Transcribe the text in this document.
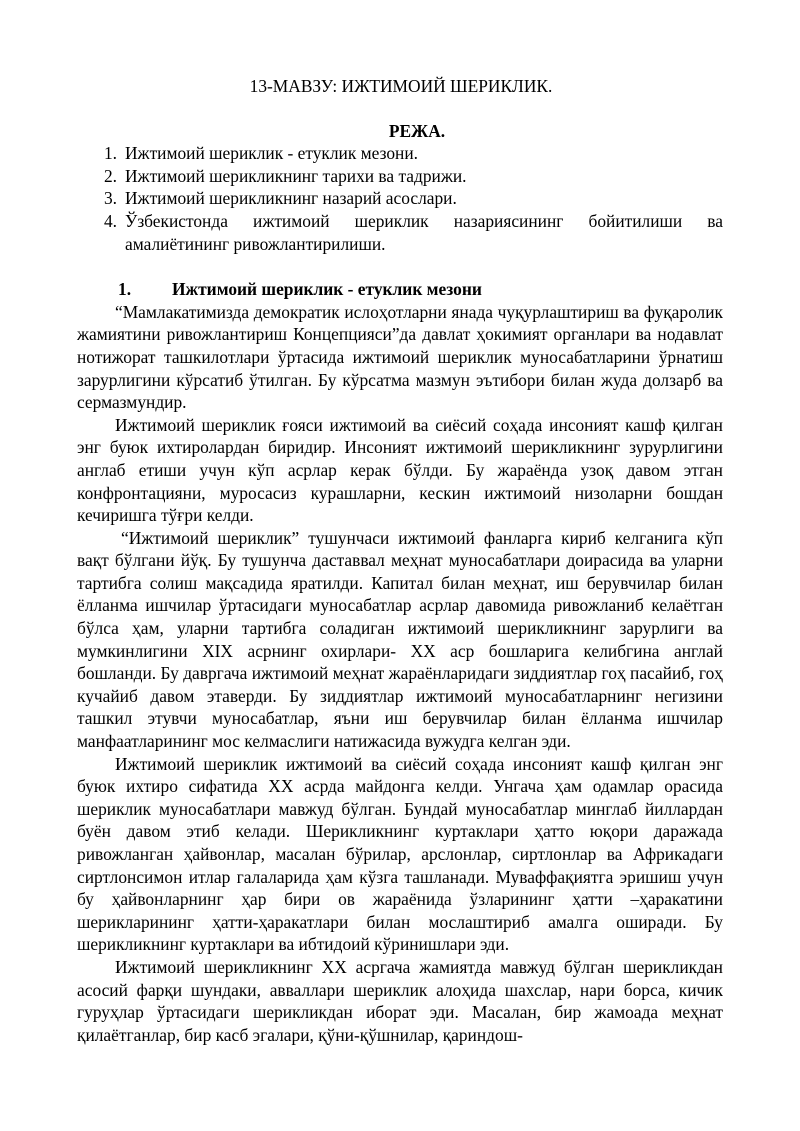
13-МАВЗУ: ИЖТИМОИЙ ШЕРИКЛИК.
РЕЖА.
1. Ижтимоий шериклик - етуклик мезони.
2. Ижтимоий шерикликнинг тарихи ва тадрижи.
3. Ижтимоий шерикликнинг назарий асослари.
4. Ўзбекистонда ижтимоий шериклик назариясининг бойитилиши ва амалиётининг ривожлантирилиши.
1.	Ижтимоий шериклик - етуклик мезони

“Мамлакатимизда демократик ислоҳотларни янада чуқурлаштириш ва фуқаролик жамиятини ривожлантириш Концепцияси”да давлат ҳокимият органлари ва нодавлат нотижорат ташкилотлари ўртасида ижтимоий шериклик муносабатларини ўрнатиш зарурлигини кўрсатиб ўтилган. Бу кўрсатма мазмун эътибори билан жуда долзарб ва сермазмундир.

Ижтимоий шериклик ғояси ижтимоий ва сиёсий соҳада инсоният кашф қилган энг буюк ихтиролардан биридир. Инсоният ижтимоий шерикликнинг зурурлигини англаб етиши учун кўп асрлар керак бўлди. Бу жараёнда узоқ давом этган конфронтацияни, муросасиз курашларни, кескин ижтимоий низоларни бошдан кечиришга тўғри келди.

“Ижтимоий шериклик” тушунчаси ижтимоий фанларга кириб келганига кўп вақт бўлгани йўқ. Бу тушунча даставвал меҳнат муносабатлари доирасида ва уларни тартибга солиш мақсадида яратилди. Капитал билан меҳнат, иш берувчилар билан ёлланма ишчилар ўртасидаги муносабатлар асрлар давомида ривожланиб келаётган бўлса ҳам, уларни тартибга соладиган ижтимоий шерикликнинг зарурлиги ва мумкинлигини XIX асрнинг охирлари- XX аср бошларига келибгина англай бошланди. Бу давргача ижтимоий меҳнат жараёнларидаги зиддиятлар гоҳ пасайиб, гоҳ кучайиб давом этаверди. Бу зиддиятлар ижтимоий муносабатларнинг негизини ташкил этувчи муносабатлар, яъни иш берувчилар билан ёлланма ишчилар манфаатларининг мос келмаслиги натижасида вужудга келган эди.

Ижтимоий шериклик ижтимоий ва сиёсий соҳада инсоният кашф қилган энг буюк ихтиро сифатида XX асрда майдонга келди. Унгача ҳам одамлар орасида шериклик муносабатлари мавжуд бўлган. Бундай муносабатлар минглаб йиллардан буён давом этиб келади. Шерикликнинг куртаклари ҳатто юқори даражада ривожланган ҳайвонлар, масалан бўрилар, арслонлар, сиртлонлар ва Африкадаги сиртлонсимон итлар галаларида ҳам кўзга ташланади. Муваффақиятга эришиш учун бу ҳайвонларнинг ҳар бири ов жараёнида ўзларининг ҳатти –ҳаракатини шерикларининг ҳатти-ҳаракатлари билан мослаштириб амалга оширади. Бу шерикликнинг куртаклари ва ибтидоий кўринишлари эди.

Ижтимоий шерикликнинг XX асргача жамиятда мавжуд бўлган шерикликдан асосий фарқи шундаки, авваллари шериклик алоҳида шахслар, нари борса, кичик гуруҳлар ўртасидаги шерикликдан иборат эди. Масалан, бир жамоада меҳнат қилаётганлар, бир касб эгалари, қўни-қўшнилар, қариндош-
